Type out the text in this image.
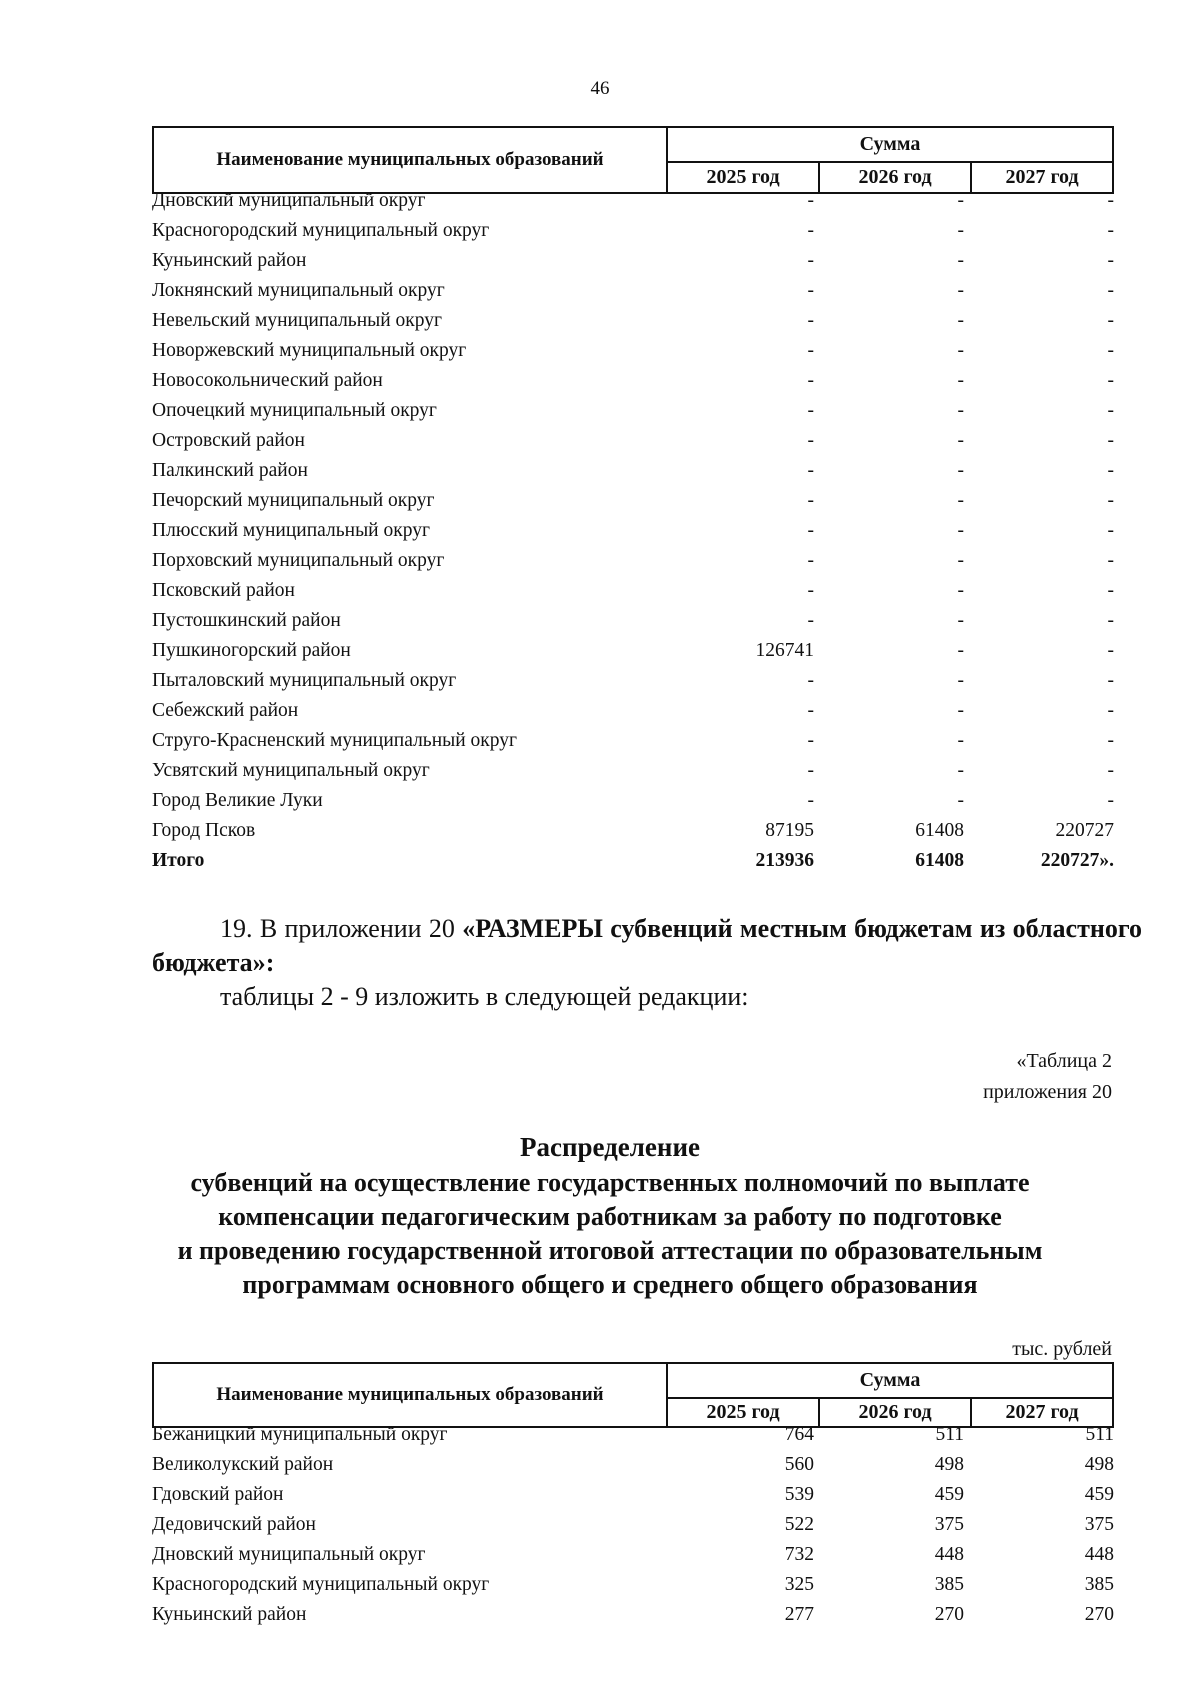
46
Наименование муниципальных образований
Сумма
2025 год	2026 год	2027 год
Дновский муниципальный округ	-	-	-
Красногородский муниципальный округ	-	-	-
Куньинский район	-	-	-
Локнянский муниципальный округ	-	-	-
Невельский муниципальный округ	-	-	-
Новоржевский муниципальный округ	-	-	-
Новосокольнический район	-	-	-
Опочецкий муниципальный округ	-	-	-
Островский район	-	-	-
Палкинский район	-	-	-
Печорский муниципальный округ	-	-	-
Плюсский муниципальный округ	-	-	-
Порховский муниципальный округ	-	-	-
Псковский район	-	-	-
Пустошкинский район	-	-	-
Пушкиногорский район	126741	-	-
Пыталовский муниципальный округ	-	-	-
Себежский район	-	-	-
Струго-Красненский муниципальный округ	-	-	-
Усвятский муниципальный округ	-	-	-
Город Великие Луки	-	-	-
Город Псков	87195	61408	220727
Итого	213936	61408	220727».
19. В приложении 20 «РАЗМЕРЫ субвенций местным бюджетам из областного бюджета»:
таблицы 2 - 9 изложить в следующей редакции:
«Таблица 2
приложения 20
Распределение
субвенций на осуществление государственных полномочий по выплате
компенсации педагогическим работникам за работу по подготовке
и проведению государственной итоговой аттестации по образовательным
программам основного общего и среднего общего образования
тыс. рублей
Наименование муниципальных образований
Сумма
2025 год	2026 год	2027 год
Бежаницкий муниципальный округ	764	511	511
Великолукский район	560	498	498
Гдовский район	539	459	459
Дедовичский район	522	375	375
Дновский муниципальный округ	732	448	448
Красногородский муниципальный округ	325	385	385
Куньинский район	277	270	270
